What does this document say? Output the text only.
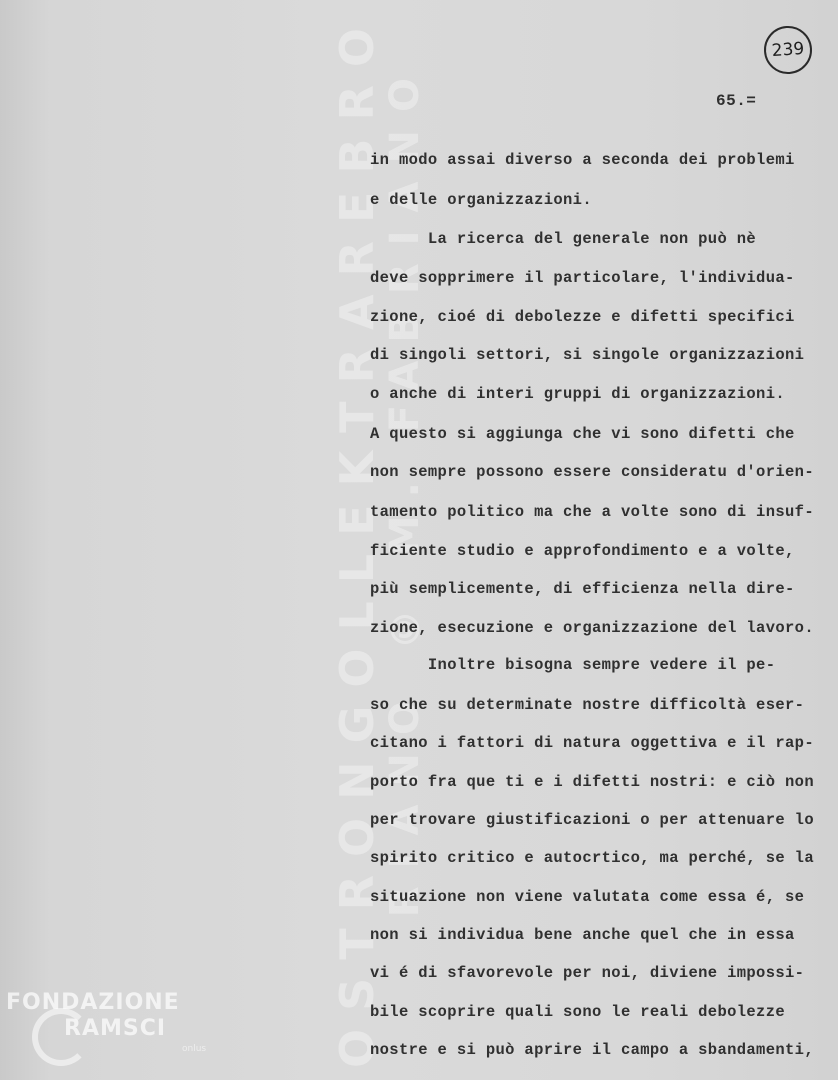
OSTRONGOLLEKTRAREBRO
RIANO © M. FABRIANO
239
65.=
in modo assai diverso a seconda dei problemi
e delle organizzazioni.
La ricerca del generale non può nè
deve sopprimere il particolare, l'individua-
zione, cioé di debolezze e difetti specifici
di singoli settori, si singole organizzazioni
o anche di interi gruppi di organizzazioni.
A questo si aggiunga che vi sono difetti che
non sempre possono essere consideratu d'orien-
tamento politico ma che a volte sono di insuf-
ficiente studio e approfondimento e a volte,
più semplicemente, di efficienza nella dire-
zione, esecuzione e organizzazione del lavoro.
Inoltre bisogna sempre vedere il pe-
so che su determinate nostre difficoltà eser-
citano i fattori di natura oggettiva e il rap-
porto fra que ti e i difetti nostri: e ciò non
per trovare giustificazioni o per attenuare lo
spirito critico e autocrtico, ma perché, se la
situazione non viene valutata come essa é, se
non si individua bene anche quel che in essa
vi é di sfavorevole per noi, diviene impossi-
bile scoprire quali sono le reali debolezze
nostre e si può aprire il campo a sbandamenti,
FONDAZIONE
RAMSCI
onlus
